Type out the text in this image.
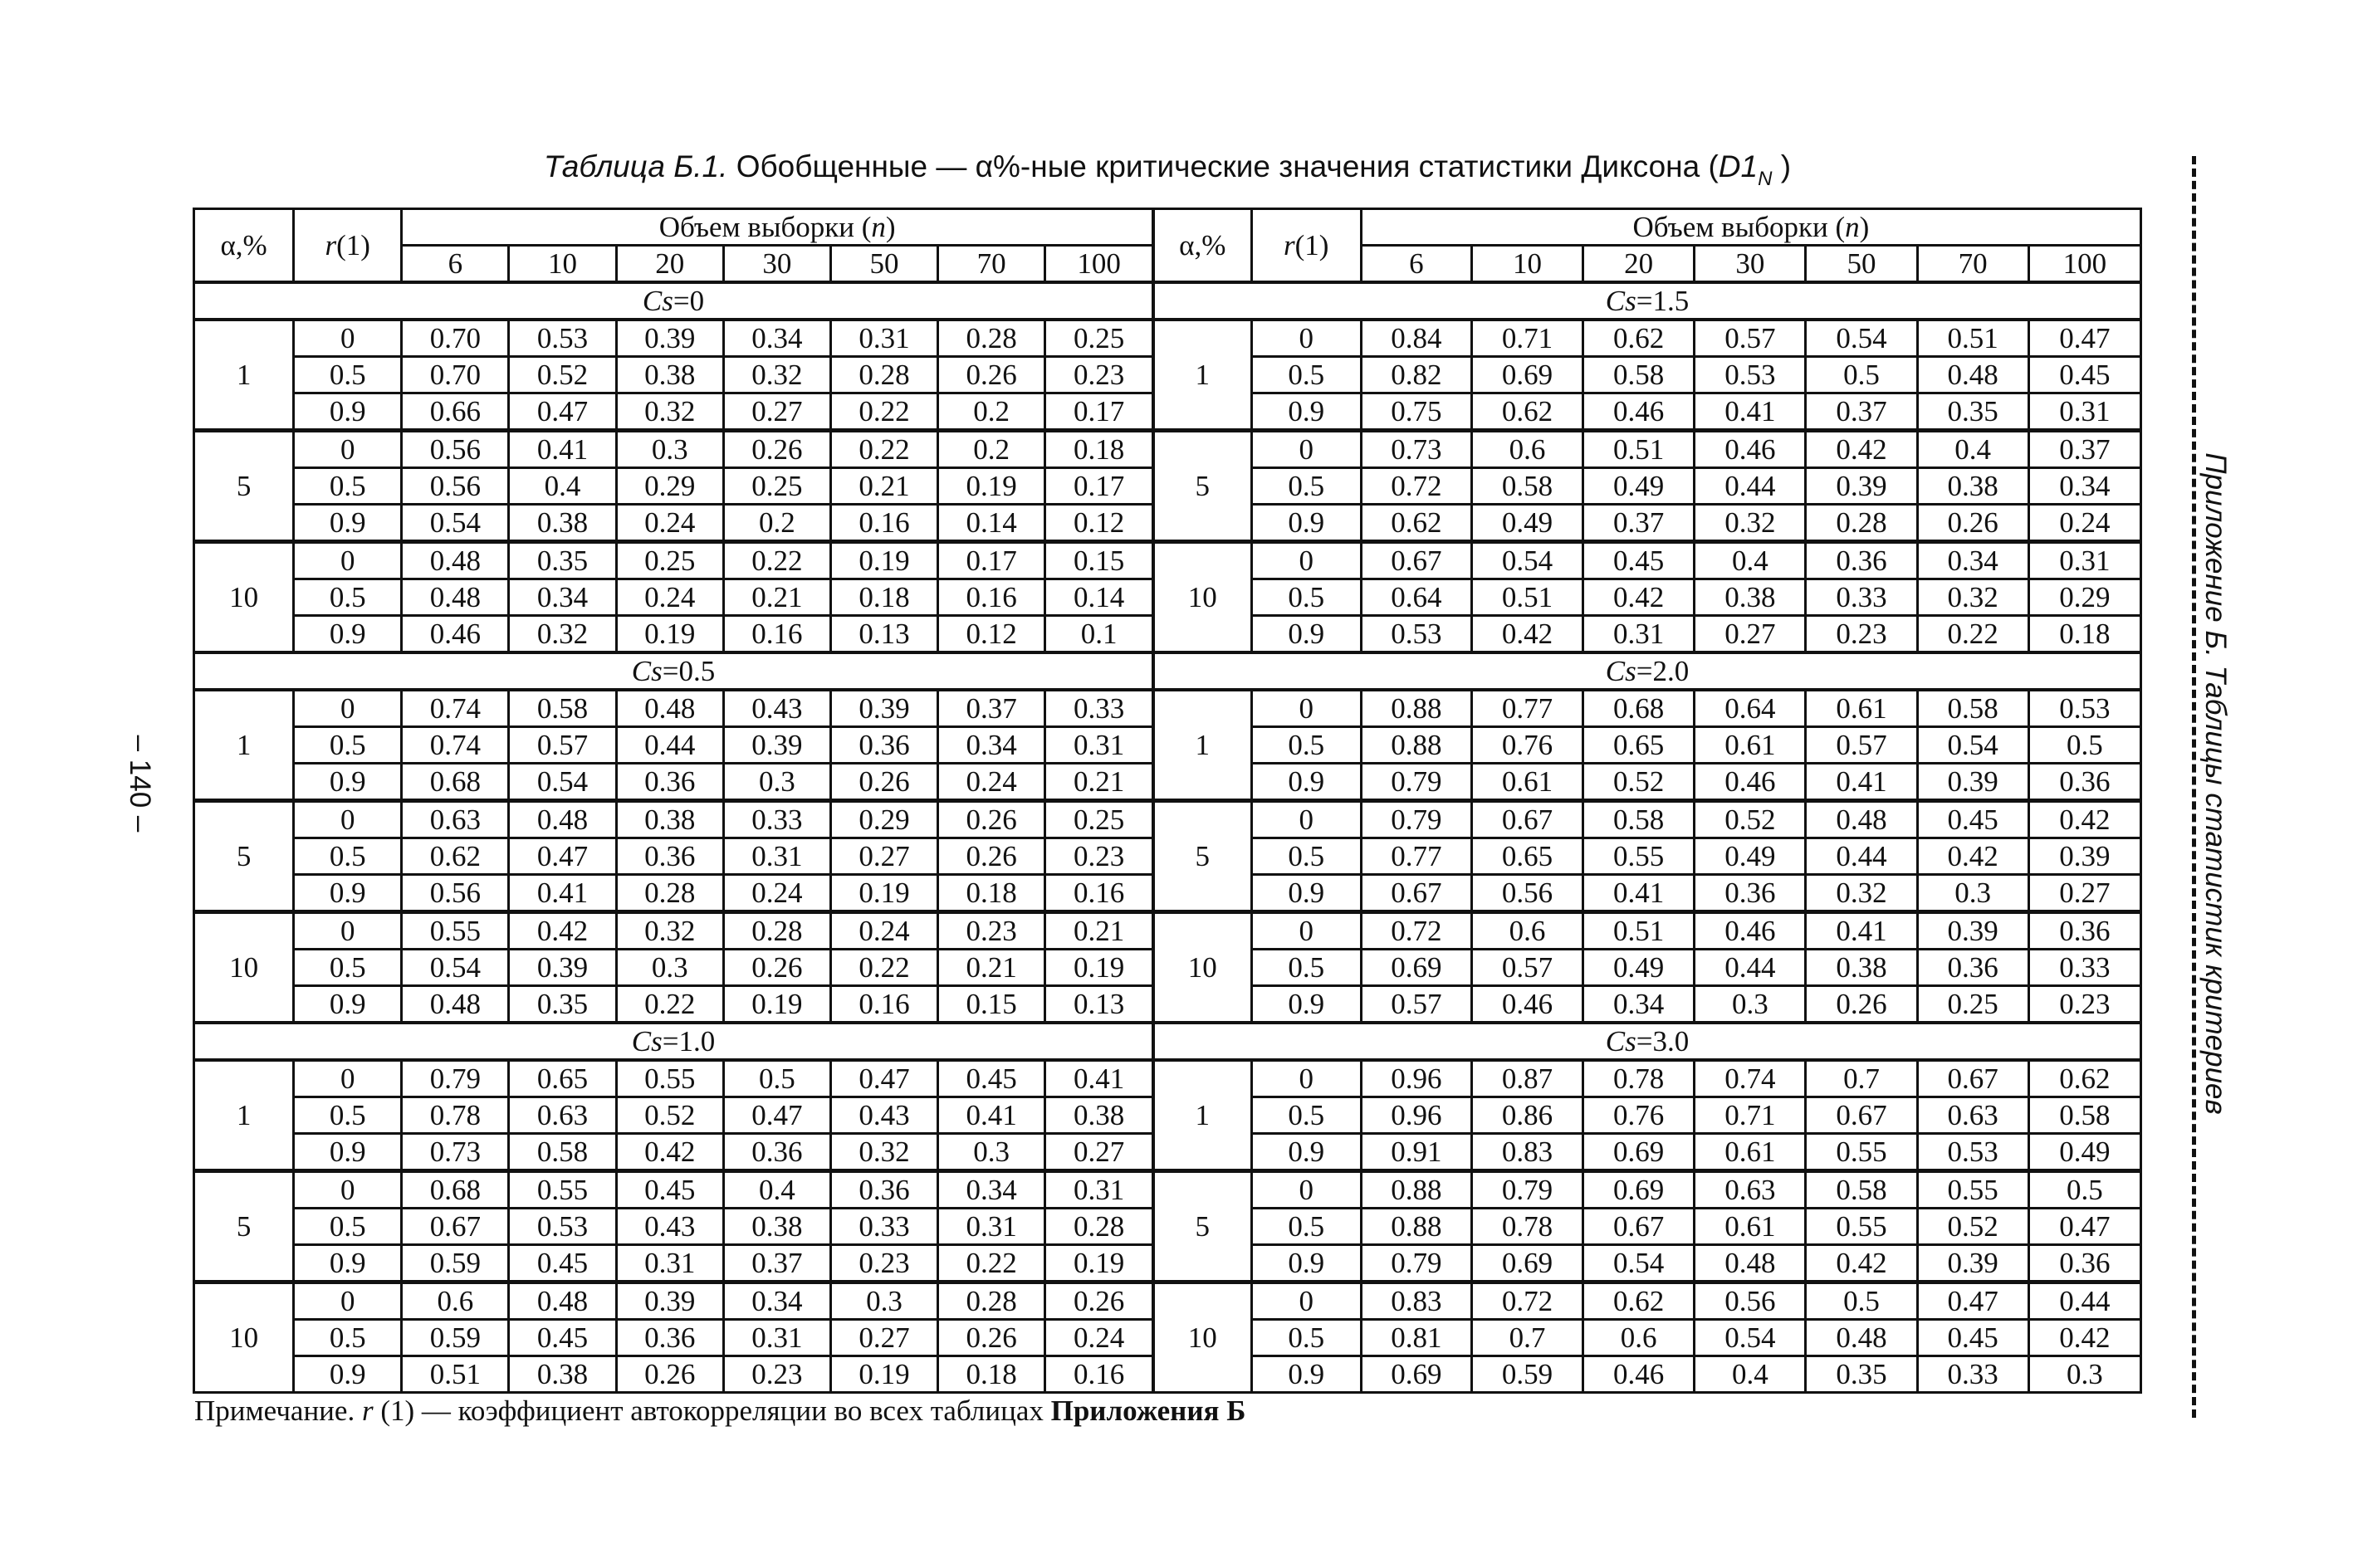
Таблица Б.1. Обобщенные — α%-ные критические значения статистики Диксона ($D1_N$ )
α,%	r(1)	Объем выборки (n)							α,%	r(1)	Объем выборки (n)						
		6	10	20	30	50	70	100			6	10	20	30	50	70	100
Cs=0									Cs=1.5								
1	0	0.70	0.53	0.39	0.34	0.31	0.28	0.25	1	0	0.84	0.71	0.62	0.57	0.54	0.51	0.47
	0.5	0.70	0.52	0.38	0.32	0.28	0.26	0.23		0.5	0.82	0.69	0.58	0.53	0.5	0.48	0.45
	0.9	0.66	0.47	0.32	0.27	0.22	0.2	0.17		0.9	0.75	0.62	0.46	0.41	0.37	0.35	0.31
5	0	0.56	0.41	0.3	0.26	0.22	0.2	0.18	5	0	0.73	0.6	0.51	0.46	0.42	0.4	0.37
	0.5	0.56	0.4	0.29	0.25	0.21	0.19	0.17		0.5	0.72	0.58	0.49	0.44	0.39	0.38	0.34
	0.9	0.54	0.38	0.24	0.2	0.16	0.14	0.12		0.9	0.62	0.49	0.37	0.32	0.28	0.26	0.24
10	0	0.48	0.35	0.25	0.22	0.19	0.17	0.15	10	0	0.67	0.54	0.45	0.4	0.36	0.34	0.31
	0.5	0.48	0.34	0.24	0.21	0.18	0.16	0.14		0.5	0.64	0.51	0.42	0.38	0.33	0.32	0.29
	0.9	0.46	0.32	0.19	0.16	0.13	0.12	0.1		0.9	0.53	0.42	0.31	0.27	0.23	0.22	0.18
Cs=0.5									Cs=2.0								
1	0	0.74	0.58	0.48	0.43	0.39	0.37	0.33	1	0	0.88	0.77	0.68	0.64	0.61	0.58	0.53
	0.5	0.74	0.57	0.44	0.39	0.36	0.34	0.31		0.5	0.88	0.76	0.65	0.61	0.57	0.54	0.5
	0.9	0.68	0.54	0.36	0.3	0.26	0.24	0.21		0.9	0.79	0.61	0.52	0.46	0.41	0.39	0.36
5	0	0.63	0.48	0.38	0.33	0.29	0.26	0.25	5	0	0.79	0.67	0.58	0.52	0.48	0.45	0.42
	0.5	0.62	0.47	0.36	0.31	0.27	0.26	0.23		0.5	0.77	0.65	0.55	0.49	0.44	0.42	0.39
	0.9	0.56	0.41	0.28	0.24	0.19	0.18	0.16		0.9	0.67	0.56	0.41	0.36	0.32	0.3	0.27
10	0	0.55	0.42	0.32	0.28	0.24	0.23	0.21	10	0	0.72	0.6	0.51	0.46	0.41	0.39	0.36
	0.5	0.54	0.39	0.3	0.26	0.22	0.21	0.19		0.5	0.69	0.57	0.49	0.44	0.38	0.36	0.33
	0.9	0.48	0.35	0.22	0.19	0.16	0.15	0.13		0.9	0.57	0.46	0.34	0.3	0.26	0.25	0.23
Cs=1.0									Cs=3.0								
1	0	0.79	0.65	0.55	0.5	0.47	0.45	0.41	1	0	0.96	0.87	0.78	0.74	0.7	0.67	0.62
	0.5	0.78	0.63	0.52	0.47	0.43	0.41	0.38		0.5	0.96	0.86	0.76	0.71	0.67	0.63	0.58
	0.9	0.73	0.58	0.42	0.36	0.32	0.3	0.27		0.9	0.91	0.83	0.69	0.61	0.55	0.53	0.49
5	0	0.68	0.55	0.45	0.4	0.36	0.34	0.31	5	0	0.88	0.79	0.69	0.63	0.58	0.55	0.5
	0.5	0.67	0.53	0.43	0.38	0.33	0.31	0.28		0.5	0.88	0.78	0.67	0.61	0.55	0.52	0.47
	0.9	0.59	0.45	0.31	0.37	0.23	0.22	0.19		0.9	0.79	0.69	0.54	0.48	0.42	0.39	0.36
10	0	0.6	0.48	0.39	0.34	0.3	0.28	0.26	10	0	0.83	0.72	0.62	0.56	0.5	0.47	0.44
	0.5	0.59	0.45	0.36	0.31	0.27	0.26	0.24		0.5	0.81	0.7	0.6	0.54	0.48	0.45	0.42
	0.9	0.51	0.38	0.26	0.23	0.19	0.18	0.16		0.9	0.69	0.59	0.46	0.4	0.35	0.33	0.3
Примечание. r (1) — коэффициент автокорреляции во всех таблицах Приложения Б
– 140 –	Приложение Б. Таблицы статистик критериев
